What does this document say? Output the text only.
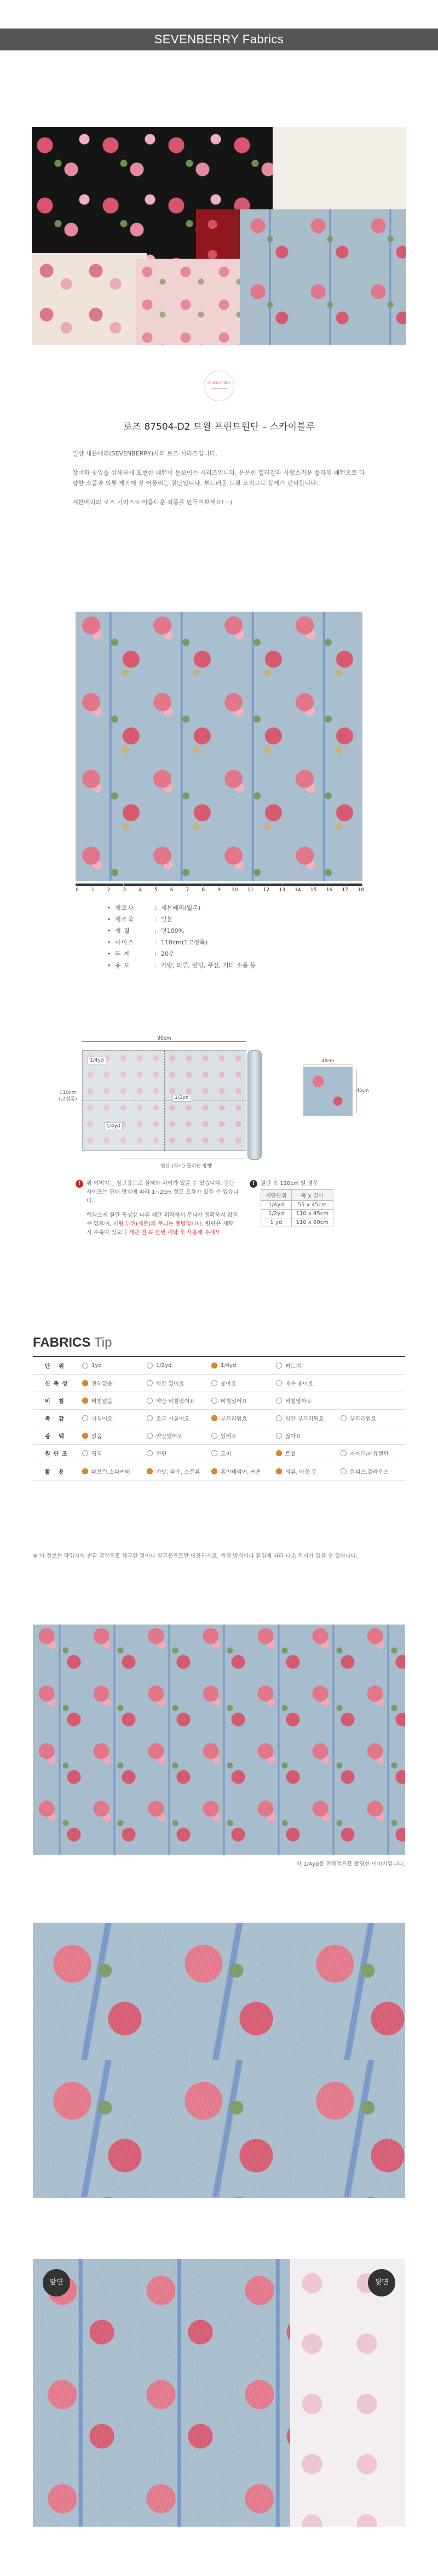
SEVENBERRY Fabrics
SEVEN BERRY
로즈 87504-D2 트윌 프린트원단 – 스카이블루

일상 세븐베리(SEVENBERRY)사의 로즈 시리즈입니다.

장미와 꽃잎을 섬세하게 표현한 패턴이 돋보이는 시리즈입니다. 은은한 컬러감과 사랑스러운 플라워 패턴으로 다양한 소품과 의류 제작에 잘 어울리는 원단입니다. 부드러운 트윌 조직으로 봉제가 편리합니다.

세븐베리의 로즈 시리즈로 아름다운 작품을 만들어보세요! :-)

0	1	2	3	4	5	6	7	8	9	10 11 12 13 14 15 16 17 18
• 제조사	: 세븐베리(일본)
• 제조국	: 일본
• 재 질	: 면100%
• 사이즈	: 110cm(1고정폭)
• 두 께	: 20수
• 용 도	: 가방, 의류, 빈딩, 쿠션, 기타 소품 등
90cm
110cm (고정폭)
1/4yd
1/2yd
1/4yd
원단 (식서) 물리는 방향
45cm
45cm

!	위 이미지는 참고용으로 실제와 차이가 있을 수 있습니다. 원단 사이즈는 판매 방식에 따라 1~2cm 정도 오차가 있을 수 있습니다.

핵심소재 원단 특성상 다른 재단 위치에서 무늬가 정확하지 않을 수 있으며, 커팅 부위(세로)의 무늬는 랜덤입니다. 원단은 세탁 시 수축이 있으니 재단 전 꼭 한번 세탁 후 사용해 주세요.

!	원단 폭 110cm 일 경우
재단단위	폭 x 길이
1/4yd	55 x 45cm
1/2yd	110 x 45cm
1 yd	110 x 90cm
FABRICS Tip
단 위	1yd	1/2yd	1/4yd	커트지
신축성	전혀없음	약간 있어요	좋아요	매우 좋아요
비 침	비침없음	약간 비침있어요	비침있어요	비침많아요
촉 감	거칠어요	조금 거칠어요	부드러워요	약간 부드러워요	부드러워요
광 택	없음	약간있어요	있어요	많아요
원단조	평직	전면	도비	트윌	자카드/레큐렌탄
활 용	패브릭,소파커버	가방, 파우, 소품류	홈인테리어, 커튼	의류, 아동 등	원피스,블라우스
※ 이 정보는 작업자의 손끝 감각으로 체크한 것이니 참고용으로만 이용하세요. 측정 방식이나 환경에 따라 다소 차이가 있을 수 있습니다.
약 1/4yd를 전체적으로 촬영한 이미지입니다.
앞면	뒷면
